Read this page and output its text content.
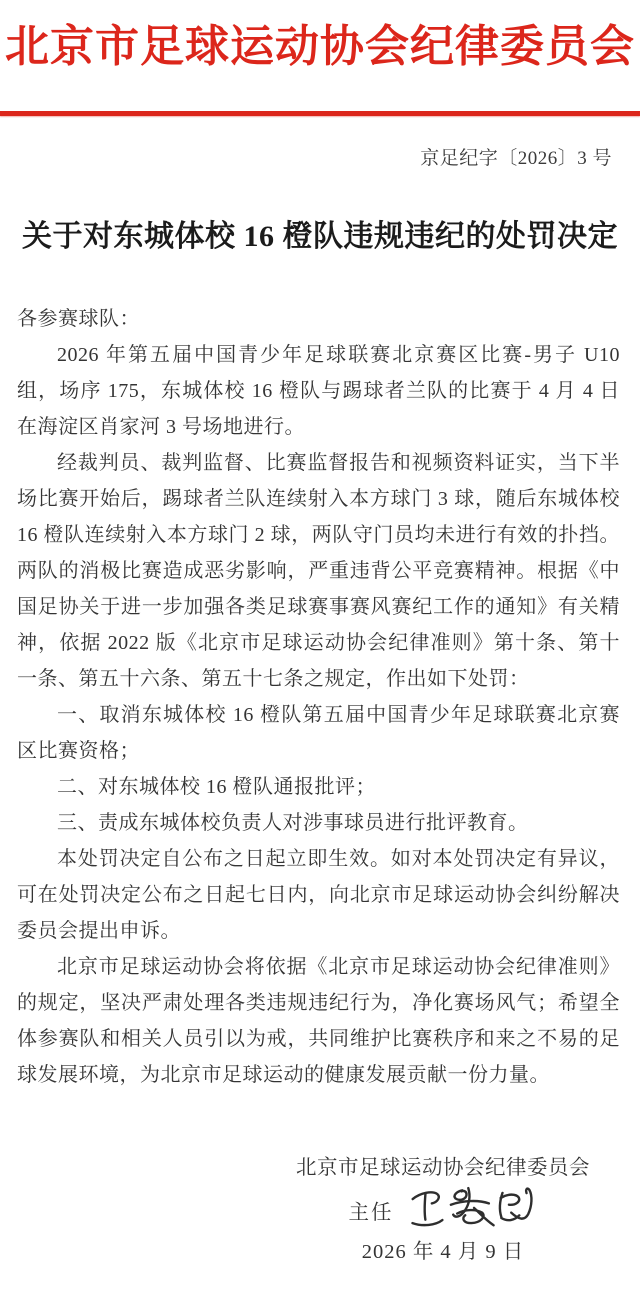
北京市足球运动协会纪律委员会
京足纪字〔2026〕3 号
关于对东城体校 16 橙队违规违纪的处罚决定

各参赛球队：

2026 年第五届中国青少年足球联赛北京赛区比赛-男子 U10 组，场序 175，东城体校 16 橙队与踢球者兰队的比赛于 4 月 4 日在海淀区肖家河 3 号场地进行。

经裁判员、裁判监督、比赛监督报告和视频资料证实，当下半场比赛开始后，踢球者兰队连续射入本方球门 3 球，随后东城体校 16 橙队连续射入本方球门 2 球，两队守门员均未进行有效的扑挡。两队的消极比赛造成恶劣影响，严重违背公平竞赛精神。根据《中国足协关于进一步加强各类足球赛事赛风赛纪工作的通知》有关精神，依据 2022 版《北京市足球运动协会纪律准则》第十条、第十一条、第五十六条、第五十七条之规定，作出如下处罚：

一、取消东城体校 16 橙队第五届中国青少年足球联赛北京赛区比赛资格；

二、对东城体校 16 橙队通报批评；

三、责成东城体校负责人对涉事球员进行批评教育。

本处罚决定自公布之日起立即生效。如对本处罚决定有异议，可在处罚决定公布之日起七日内，向北京市足球运动协会纠纷解决委员会提出申诉。

北京市足球运动协会将依据《北京市足球运动协会纪律准则》的规定，坚决严肃处理各类违规违纪行为，净化赛场风气；希望全体参赛队和相关人员引以为戒，共同维护比赛秩序和来之不易的足球发展环境，为北京市足球运动的健康发展贡献一份力量。

北京市足球运动协会纪律委员会
主任
2026 年 4 月 9 日
